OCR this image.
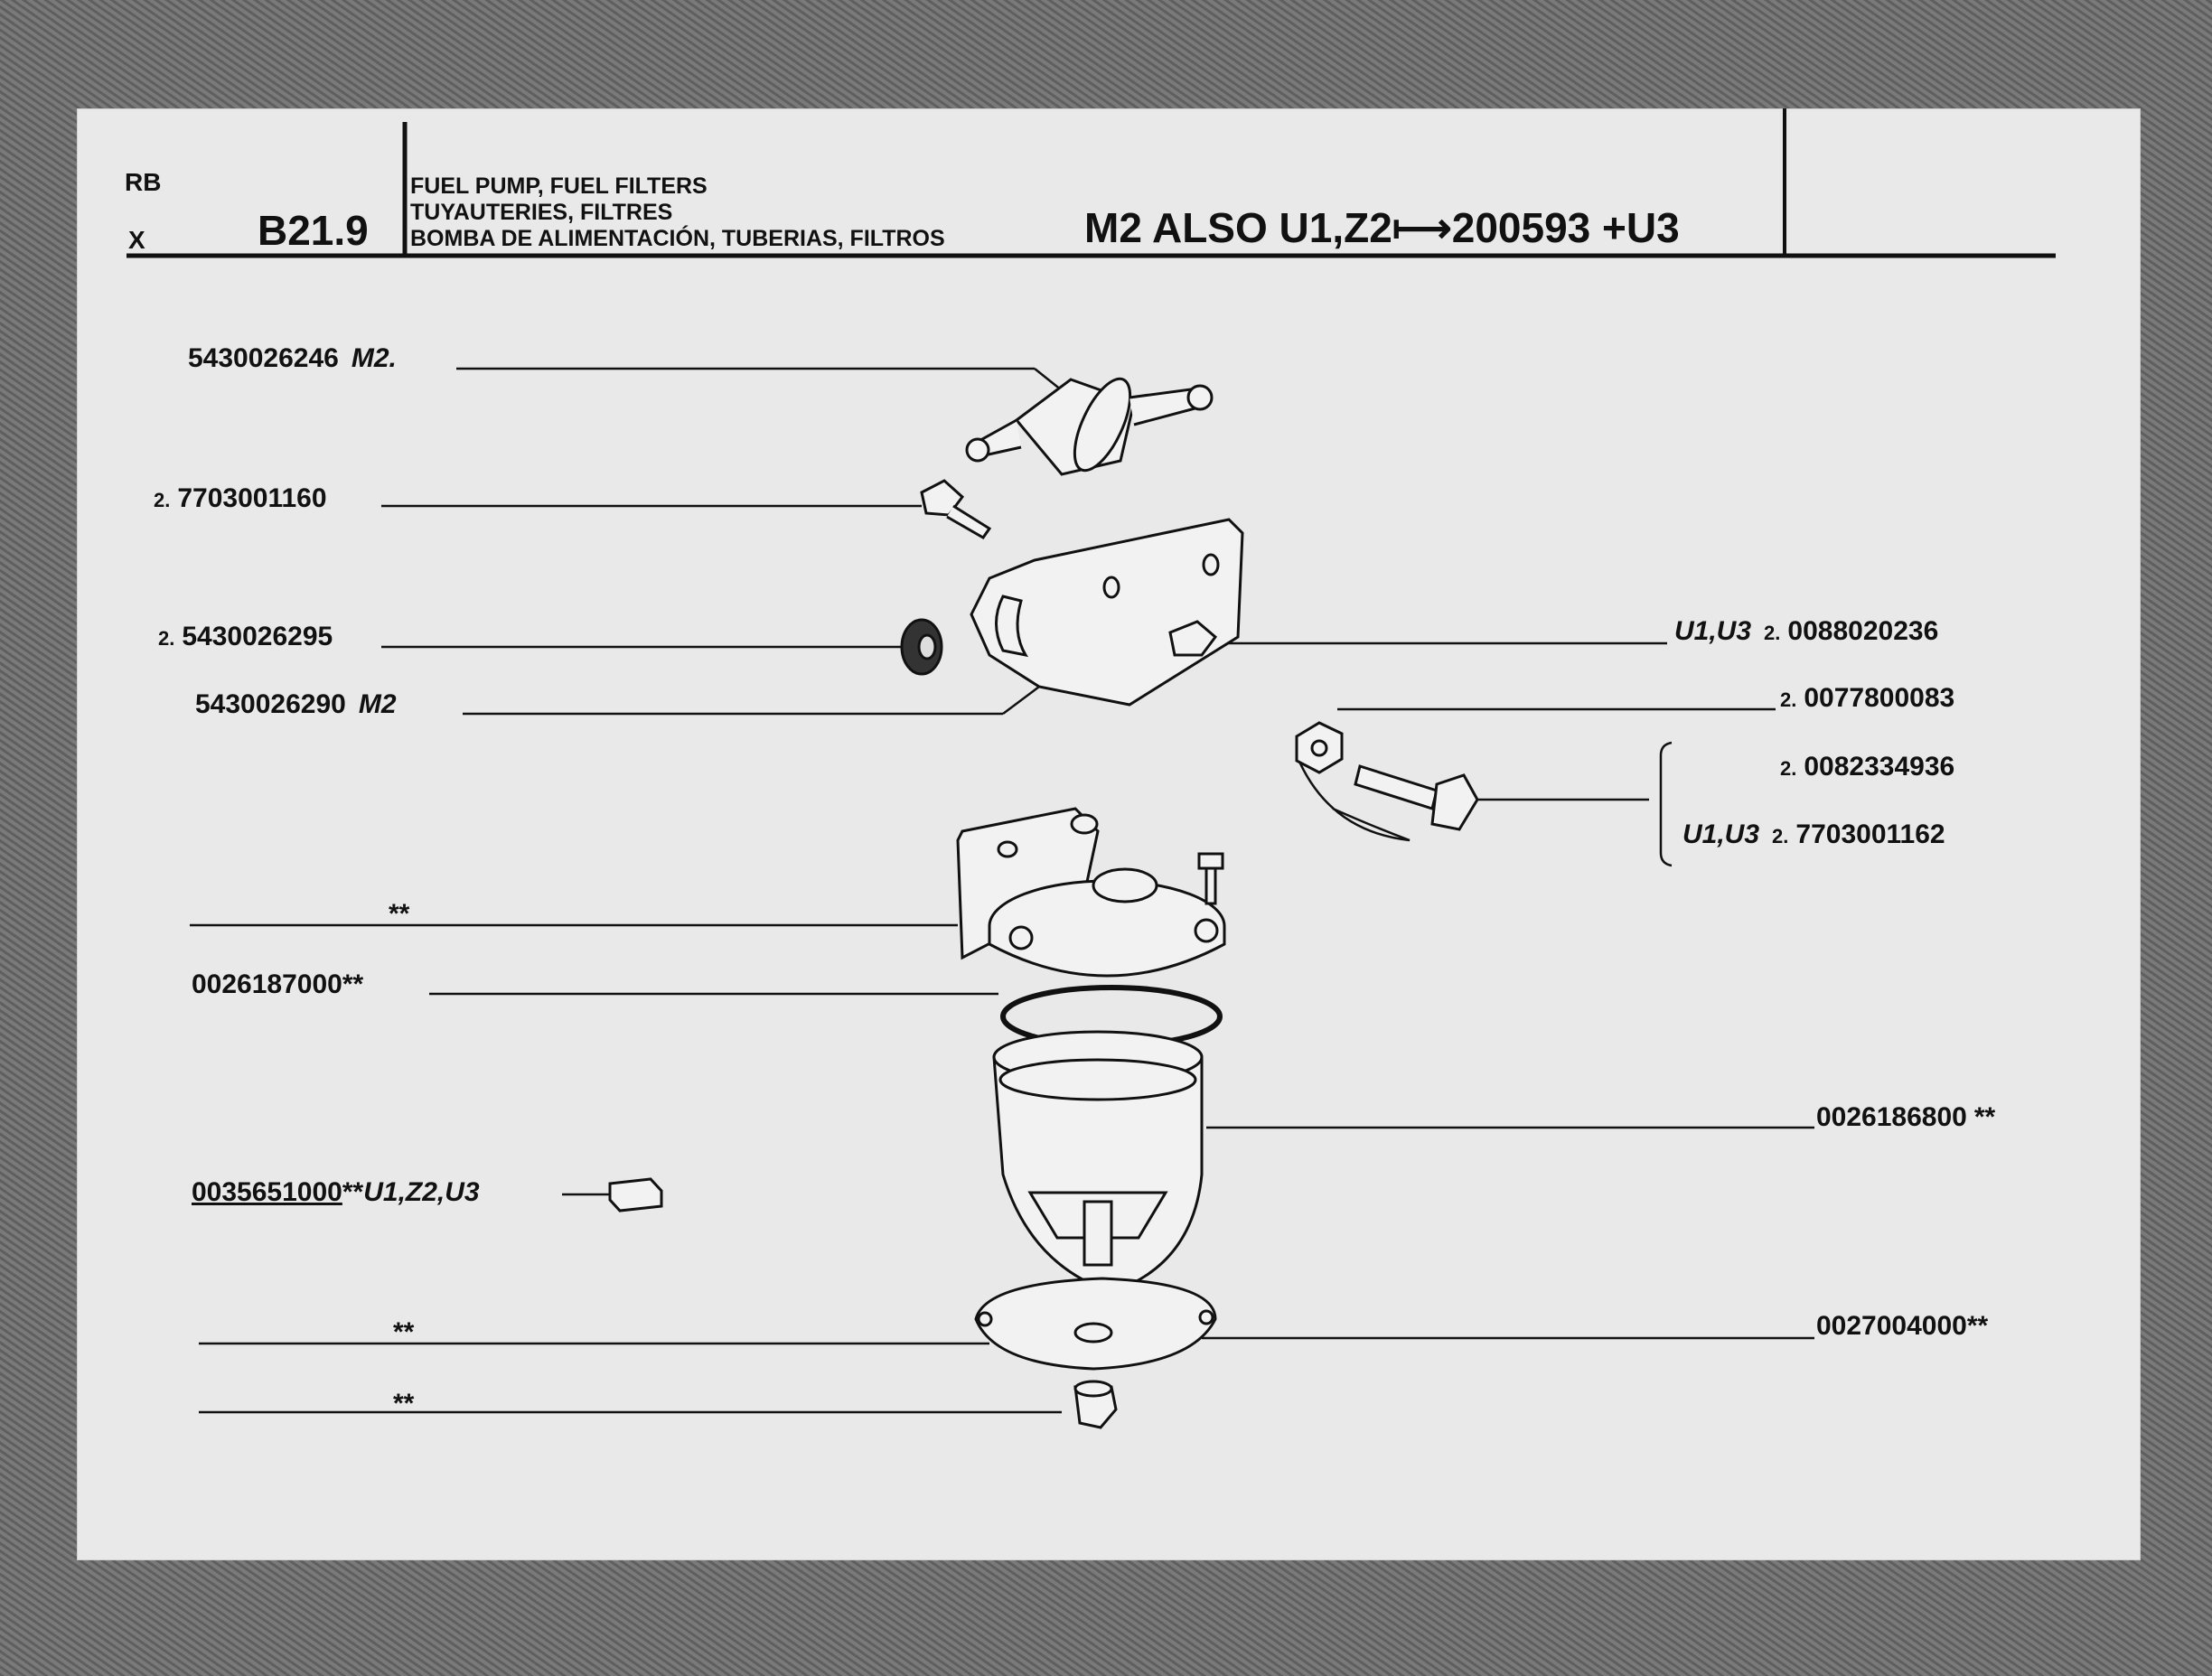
RB
X	B21.9
FUEL PUMP, FUEL FILTERS
TUYAUTERIES, FILTRES
BOMBA DE ALIMENTACIÓN, TUBERIAS, FILTROS	M2 ALSO U1,Z2⟼200593 +U3
5430026246 M2.
2. 7703001160
2. 5430026295
5430026290 M2
**
0026187000**
0035651000**U1,Z2,U3
**
**
U1,U3 2. 0088020236
2. 0077800083
2. 0082334936
U1,U3 2. 7703001162
0026186800 **
0027004000**
